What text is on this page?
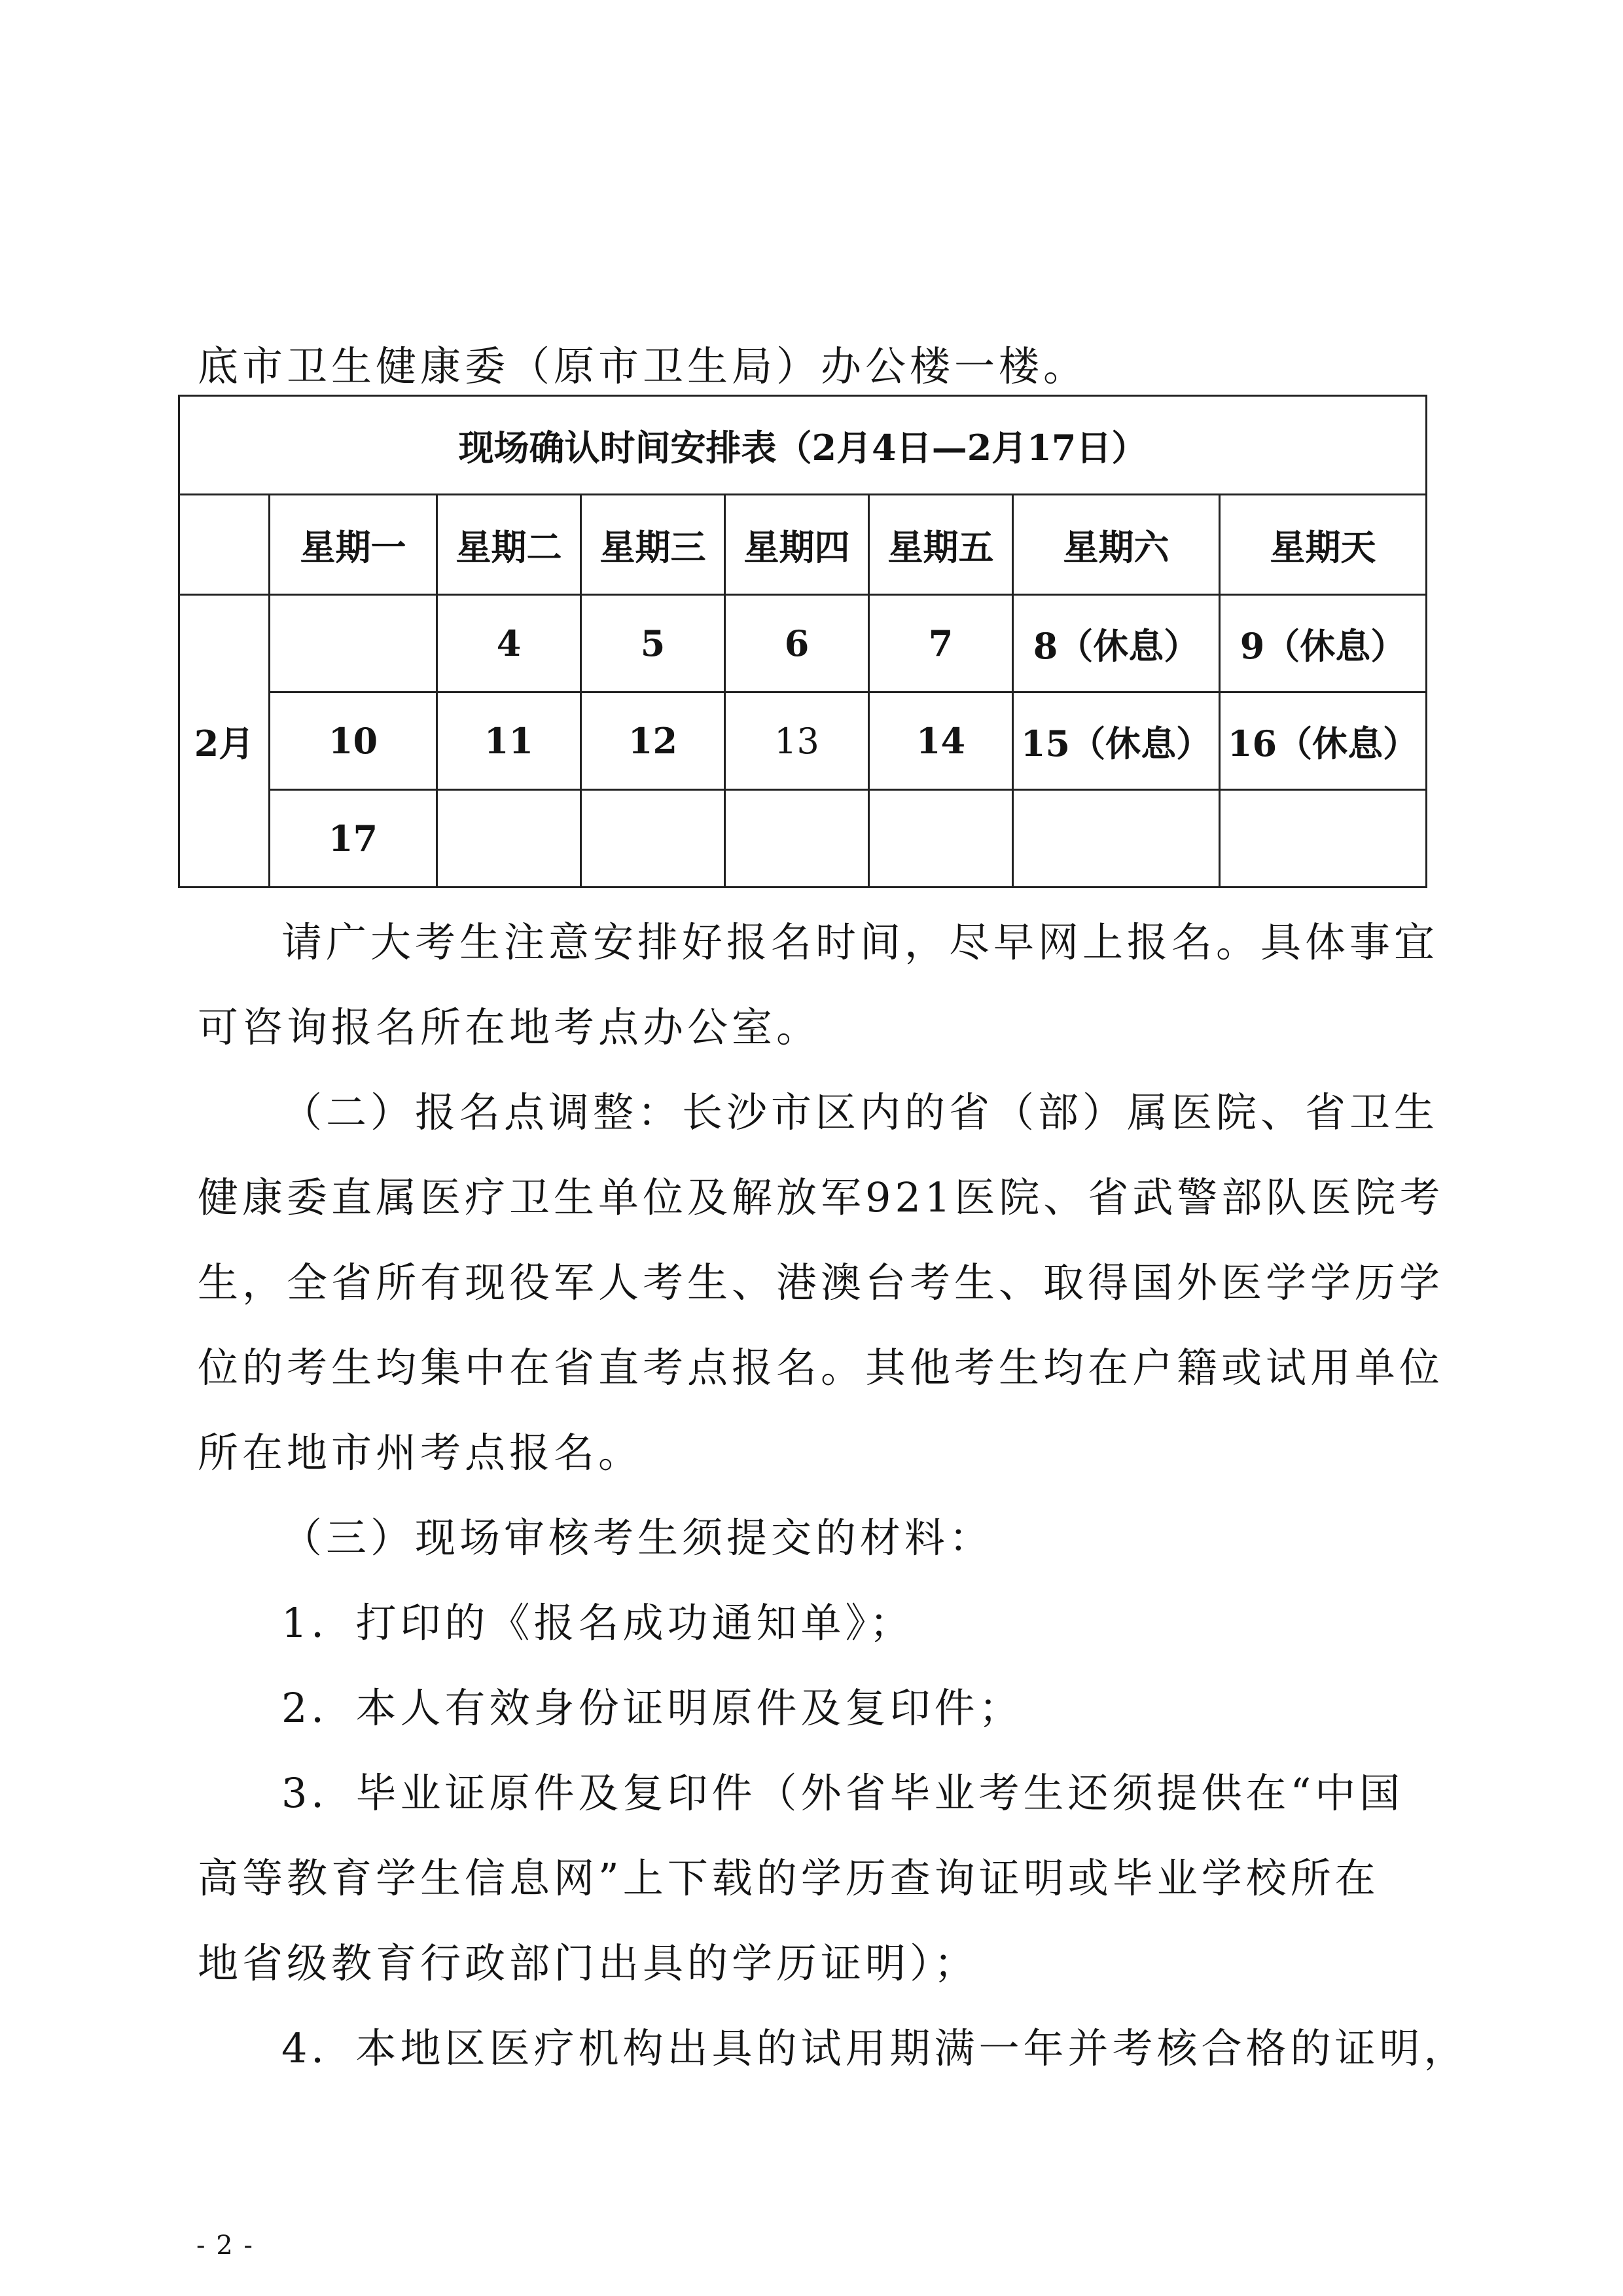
底市卫生健康委（原市卫生局）办公楼一楼。
现场确认时间安排表（2月4日—2月17日）							
	星期一	星期二	星期三	星期四	星期五	星期六	星期天
2月		4	5	6	7	8（休息）	9（休息）
	10	11	12	13	14	15（休息）	16（休息）
	17						
请广大考生注意安排好报名时间，尽早网上报名。具体事宜
可咨询报名所在地考点办公室。
（二）报名点调整：长沙市区内的省（部）属医院、省卫生
健康委直属医疗卫生单位及解放军921医院、省武警部队医院考
生，全省所有现役军人考生、港澳台考生、取得国外医学学历学
位的考生均集中在省直考点报名。其他考生均在户籍或试用单位
所在地市州考点报名。
（三）现场审核考生须提交的材料：
1．打印的《报名成功通知单》；
2．本人有效身份证明原件及复印件；
3．毕业证原件及复印件（外省毕业考生还须提供在“中国
高等教育学生信息网”上下载的学历查询证明或毕业学校所在
地省级教育行政部门出具的学历证明）；
4．本地区医疗机构出具的试用期满一年并考核合格的证明，
- 2 -
